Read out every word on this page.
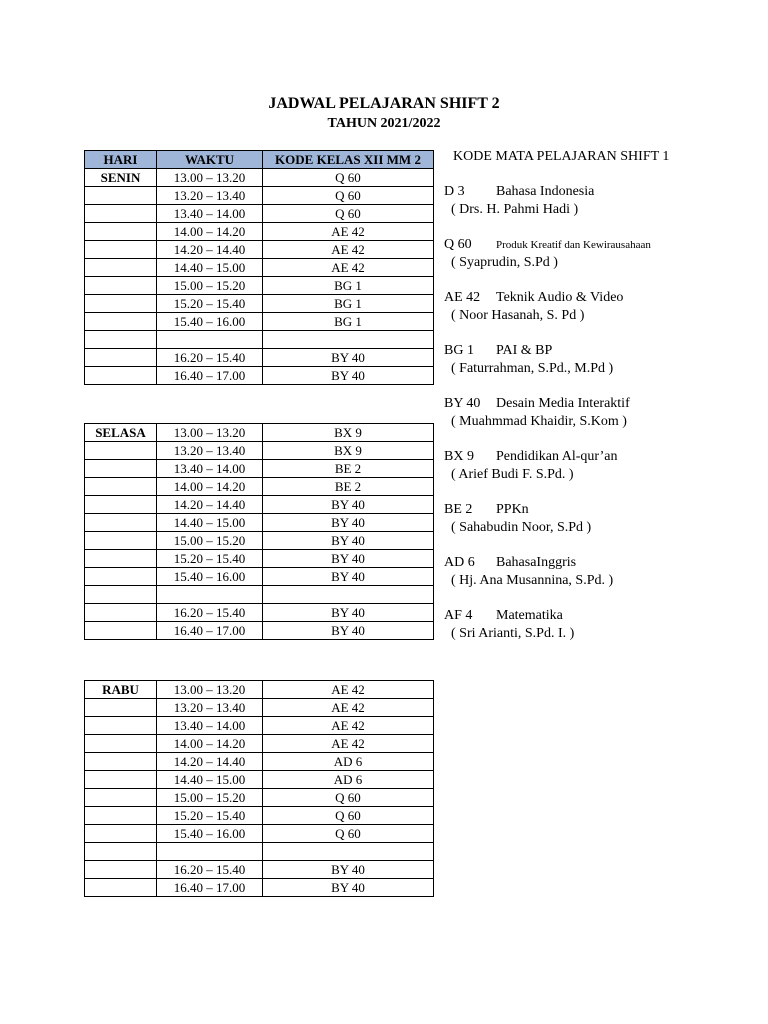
JADWAL PELAJARAN SHIFT 2
TAHUN 2021/2022
HARI	WAKTU	KODE KELAS XII MM 2
SENIN	13.00 – 13.20	Q 60
	13.20 – 13.40	Q 60
	13.40 – 14.00	Q 60
	14.00 – 14.20	AE 42
	14.20 – 14.40	AE 42
	14.40 – 15.00	AE 42
	15.00 – 15.20	BG 1
	15.20 – 15.40	BG 1
	15.40 – 16.00	BG 1

	16.20 – 15.40	BY 40
	16.40 – 17.00	BY 40
SELASA	13.00 – 13.20	BX 9
	13.20 – 13.40	BX 9
	13.40 – 14.00	BE 2
	14.00 – 14.20	BE 2
	14.20 – 14.40	BY 40
	14.40 – 15.00	BY 40
	15.00 – 15.20	BY 40
	15.20 – 15.40	BY 40
	15.40 – 16.00	BY 40

	16.20 – 15.40	BY 40
	16.40 – 17.00	BY 40
RABU	13.00 – 13.20	AE 42
	13.20 – 13.40	AE 42
	13.40 – 14.00	AE 42
	14.00 – 14.20	AE 42
	14.20 – 14.40	AD 6
	14.40 – 15.00	AD 6
	15.00 – 15.20	Q 60
	15.20 – 15.40	Q 60
	15.40 – 16.00	Q 60

	16.20 – 15.40	BY 40
	16.40 – 17.00	BY 40
KODE MATA PELAJARAN SHIFT 1
D 3 Bahasa Indonesia
( Drs. H. Pahmi Hadi )
Q 60 Produk Kreatif dan Kewirausahaan
( Syaprudin, S.Pd )
AE 42 Teknik Audio & Video
( Noor Hasanah, S. Pd )
BG 1 PAI & BP
( Faturrahman, S.Pd., M.Pd )
BY 40 Desain Media Interaktif
( Muahmmad Khaidir, S.Kom )
BX 9 Pendidikan Al-qur’an
( Arief Budi F. S.Pd. )
BE 2 PPKn
( Sahabudin Noor, S.Pd )
AD 6 BahasaInggris
( Hj. Ana Musannina, S.Pd. )
AF 4 Matematika
( Sri Arianti, S.Pd. I. )
